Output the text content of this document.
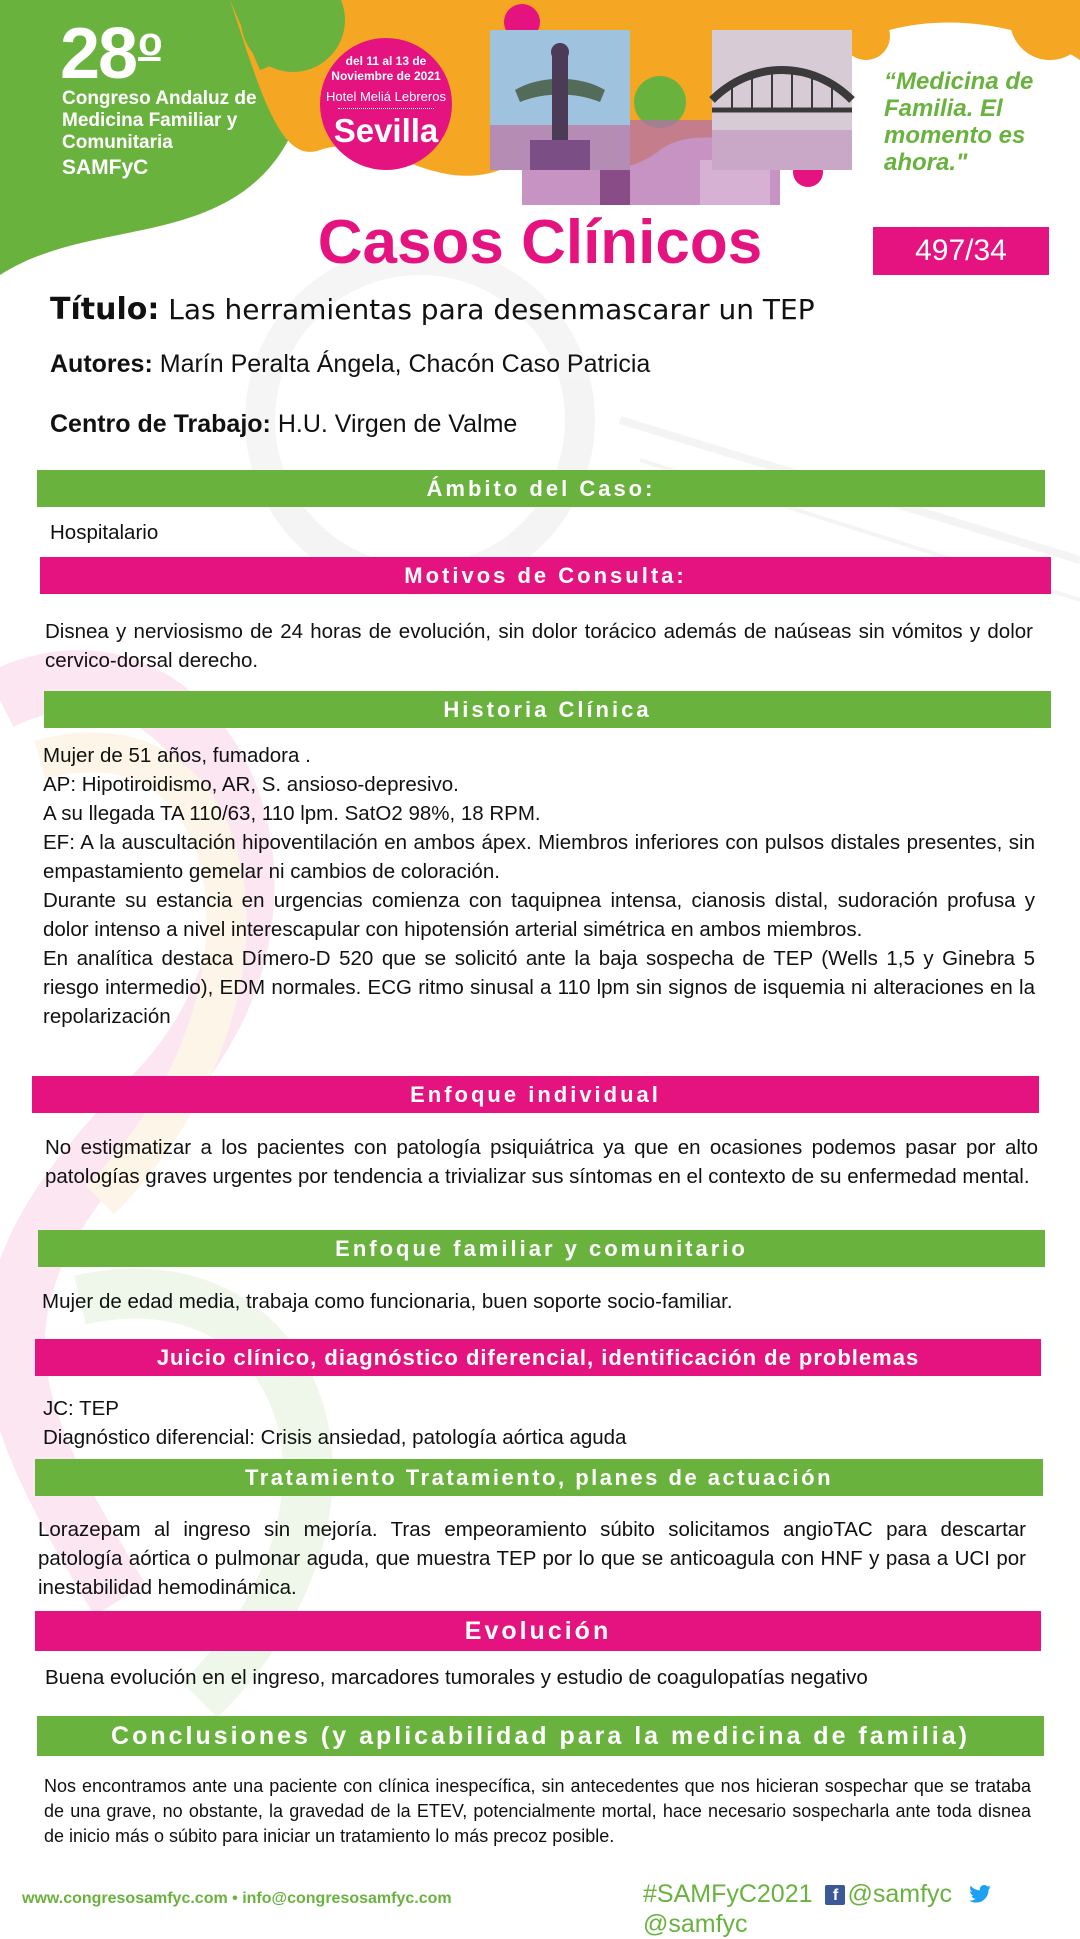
28$^o$
Congreso Andaluz de Medicina Familiar y Comunitaria
SAMFyC
del 11 al 13 de
Noviembre de 2021
Hotel Meliá Lebreros
Sevilla
“Medicina de Familia. El momento es ahora."
Casos Clínicos	497/34
Título: Las herramientas para desenmascarar un TEP
Autores: Marín Peralta Ángela, Chacón Caso Patricia
Centro de Trabajo: H.U. Virgen de Valme
Ámbito del Caso:
Hospitalario
Motivos de Consulta:
Disnea y nerviosismo de 24 horas de evolución, sin dolor torácico además de naúseas sin vómitos y dolor cervico-dorsal derecho.
Historia Clínica

Mujer de 51 años, fumadora .

AP: Hipotiroidismo, AR, S. ansioso-depresivo.

A su llegada TA 110/63, 110 lpm. SatO2 98%, 18 RPM.

EF: A la auscultación hipoventilación en ambos ápex. Miembros inferiores con pulsos distales presentes, sin empastamiento gemelar ni cambios de coloración.

Durante su estancia en urgencias comienza con taquipnea intensa, cianosis distal, sudoración profusa y dolor intenso a nivel interescapular con hipotensión arterial simétrica en ambos miembros.

En analítica destaca Dímero-D 520 que se solicitó ante la baja sospecha de TEP (Wells 1,5 y Ginebra 5 riesgo intermedio), EDM normales. ECG ritmo sinusal a 110 lpm sin signos de isquemia ni alteraciones en la repolarización

Enfoque individual
No estigmatizar a los pacientes con patología psiquiátrica ya que en ocasiones podemos pasar por alto patologías graves urgentes por tendencia a trivializar sus síntomas en el contexto de su enfermedad mental.
Enfoque familiar y comunitario
Mujer de edad media, trabaja como funcionaria, buen soporte socio-familiar.
Juicio clínico, diagnóstico diferencial, identificación de problemas

JC: TEP

Diagnóstico diferencial: Crisis ansiedad, patología aórtica aguda

Tratamiento Tratamiento, planes de actuación
Lorazepam al ingreso sin mejoría. Tras empeoramiento súbito solicitamos angioTAC para descartar patología aórtica o pulmonar aguda, que muestra TEP por lo que se anticoagula con HNF y pasa a UCI por inestabilidad hemodinámica.
Evolución
Buena evolución en el ingreso, marcadores tumorales y estudio de coagulopatías negativo
Conclusiones (y aplicabilidad para la medicina de familia)
Nos encontramos ante una paciente con clínica inespecífica, sin antecedentes que nos hicieran sospechar que se trataba de una grave, no obstante, la gravedad de la ETEV, potencialmente mortal, hace necesario sospecharla ante toda disnea de inicio más o súbito para iniciar un tratamiento lo más precoz posible.
www.congresosamfyc.com • info@congresosamfyc.com	#SAMFyC2021 f @samfyc @samfyc
